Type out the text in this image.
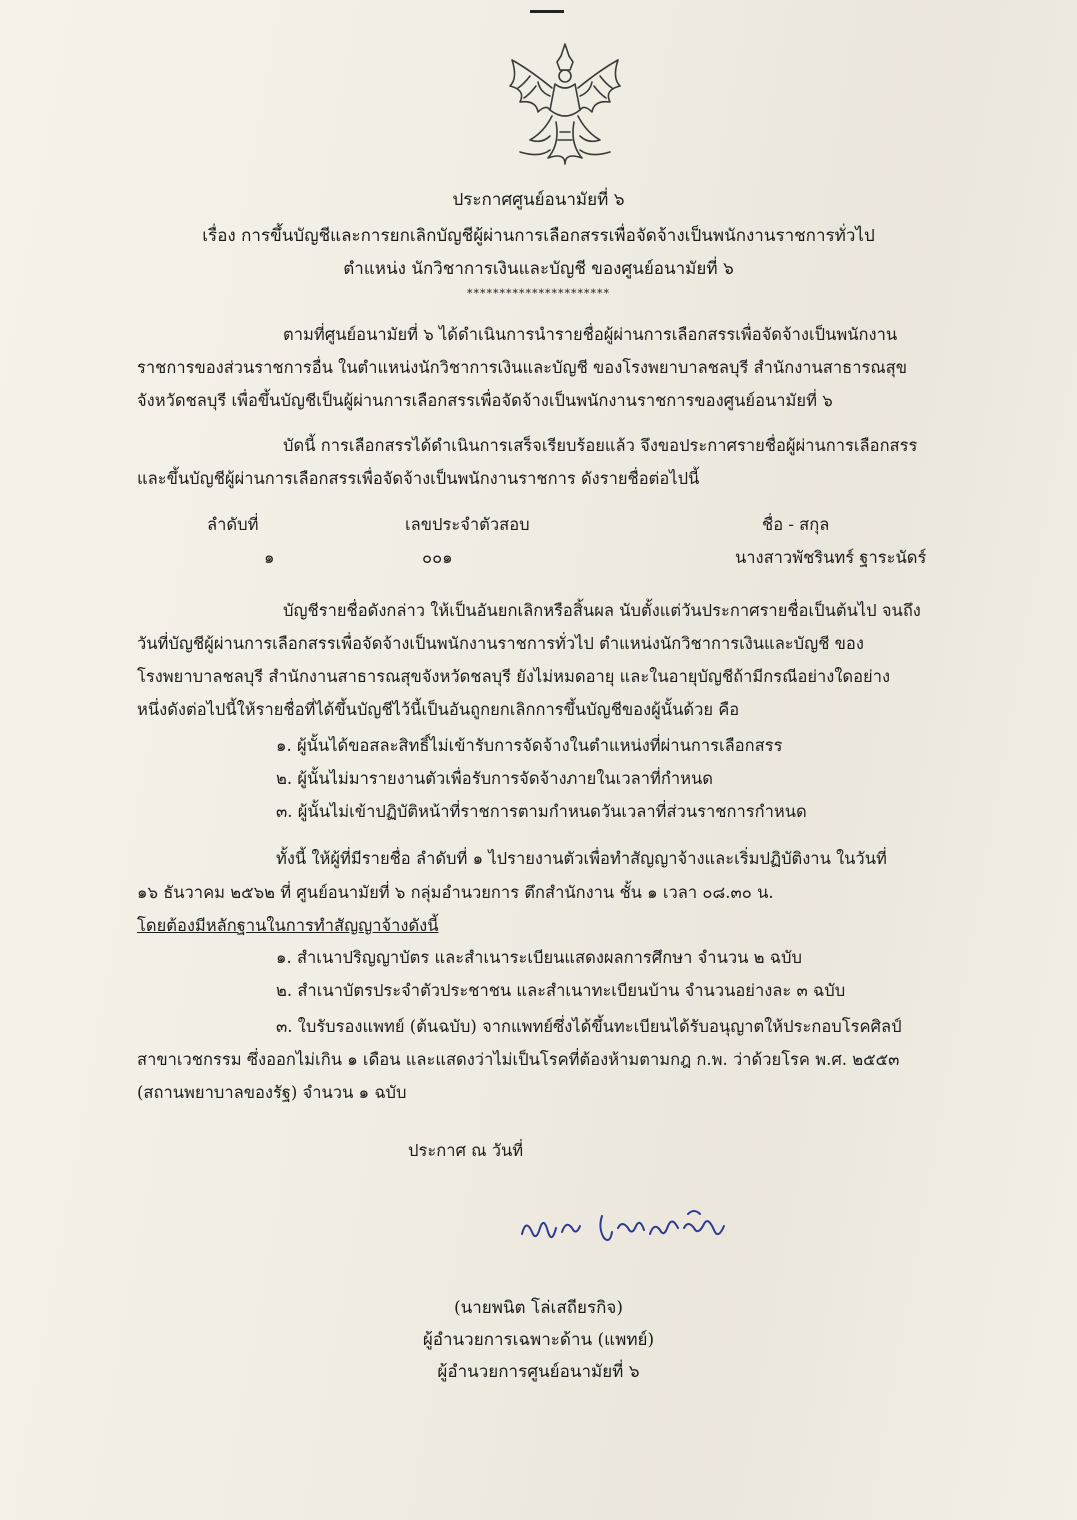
ประกาศศูนย์อนามัยที่ ๖
เรื่อง การขึ้นบัญชีและการยกเลิกบัญชีผู้ผ่านการเลือกสรรเพื่อจัดจ้างเป็นพนักงานราชการทั่วไป
ตำแหน่ง นักวิชาการเงินและบัญชี ของศูนย์อนามัยที่ ๖
**********************
ตามที่ศูนย์อนามัยที่ ๖ ได้ดำเนินการนำรายชื่อผู้ผ่านการเลือกสรรเพื่อจัดจ้างเป็นพนักงาน
ราชการของส่วนราชการอื่น ในตำแหน่งนักวิชาการเงินและบัญชี ของโรงพยาบาลชลบุรี สำนักงานสาธารณสุข
จังหวัดชลบุรี เพื่อขึ้นบัญชีเป็นผู้ผ่านการเลือกสรรเพื่อจัดจ้างเป็นพนักงานราชการของศูนย์อนามัยที่ ๖
บัดนี้ การเลือกสรรได้ดำเนินการเสร็จเรียบร้อยแล้ว จึงขอประกาศรายชื่อผู้ผ่านการเลือกสรร
และขึ้นบัญชีผู้ผ่านการเลือกสรรเพื่อจัดจ้างเป็นพนักงานราชการ ดังรายชื่อต่อไปนี้
ลำดับที่	เลขประจำตัวสอบ	ชื่อ - สกุล
๑	๐๐๑	นางสาวพัชรินทร์ ฐาระนัดร์
บัญชีรายชื่อดังกล่าว ให้เป็นอันยกเลิกหรือสิ้นผล นับตั้งแต่วันประกาศรายชื่อเป็นต้นไป จนถึง
วันที่บัญชีผู้ผ่านการเลือกสรรเพื่อจัดจ้างเป็นพนักงานราชการทั่วไป ตำแหน่งนักวิชาการเงินและบัญชี ของ
โรงพยาบาลชลบุรี สำนักงานสาธารณสุขจังหวัดชลบุรี ยังไม่หมดอายุ และในอายุบัญชีถ้ามีกรณีอย่างใดอย่าง
หนึ่งดังต่อไปนี้ให้รายชื่อที่ได้ขึ้นบัญชีไว้นี้เป็นอันถูกยกเลิกการขึ้นบัญชีของผู้นั้นด้วย คือ
๑. ผู้นั้นได้ขอสละสิทธิ์ไม่เข้ารับการจัดจ้างในตำแหน่งที่ผ่านการเลือกสรร
๒. ผู้นั้นไม่มารายงานตัวเพื่อรับการจัดจ้างภายในเวลาที่กำหนด
๓. ผู้นั้นไม่เข้าปฏิบัติหน้าที่ราชการตามกำหนดวันเวลาที่ส่วนราชการกำหนด
ทั้งนี้ ให้ผู้ที่มีรายชื่อ ลำดับที่ ๑ ไปรายงานตัวเพื่อทำสัญญาจ้างและเริ่มปฏิบัติงาน ในวันที่
๑๖ ธันวาคม ๒๕๖๒ ที่ ศูนย์อนามัยที่ ๖ กลุ่มอำนวยการ ตึกสำนักงาน ชั้น ๑ เวลา ๐๘.๓๐ น.
โดยต้องมีหลักฐานในการทำสัญญาจ้างดังนี้
๑. สำเนาปริญญาบัตร และสำเนาระเบียนแสดงผลการศึกษา จำนวน ๒ ฉบับ
๒. สำเนาบัตรประจำตัวประชาชน และสำเนาทะเบียนบ้าน จำนวนอย่างละ ๓ ฉบับ
๓. ใบรับรองแพทย์ (ต้นฉบับ) จากแพทย์ซึ่งได้ขึ้นทะเบียนได้รับอนุญาตให้ประกอบโรคศิลป์
สาขาเวชกรรม ซึ่งออกไม่เกิน ๑ เดือน และแสดงว่าไม่เป็นโรคที่ต้องห้ามตามกฎ ก.พ. ว่าด้วยโรค พ.ศ. ๒๕๕๓
(สถานพยาบาลของรัฐ) จำนวน ๑ ฉบับ
ประกาศ ณ วันที่
(นายพนิต โล่เสถียรกิจ)
ผู้อำนวยการเฉพาะด้าน (แพทย์)
ผู้อำนวยการศูนย์อนามัยที่ ๖
